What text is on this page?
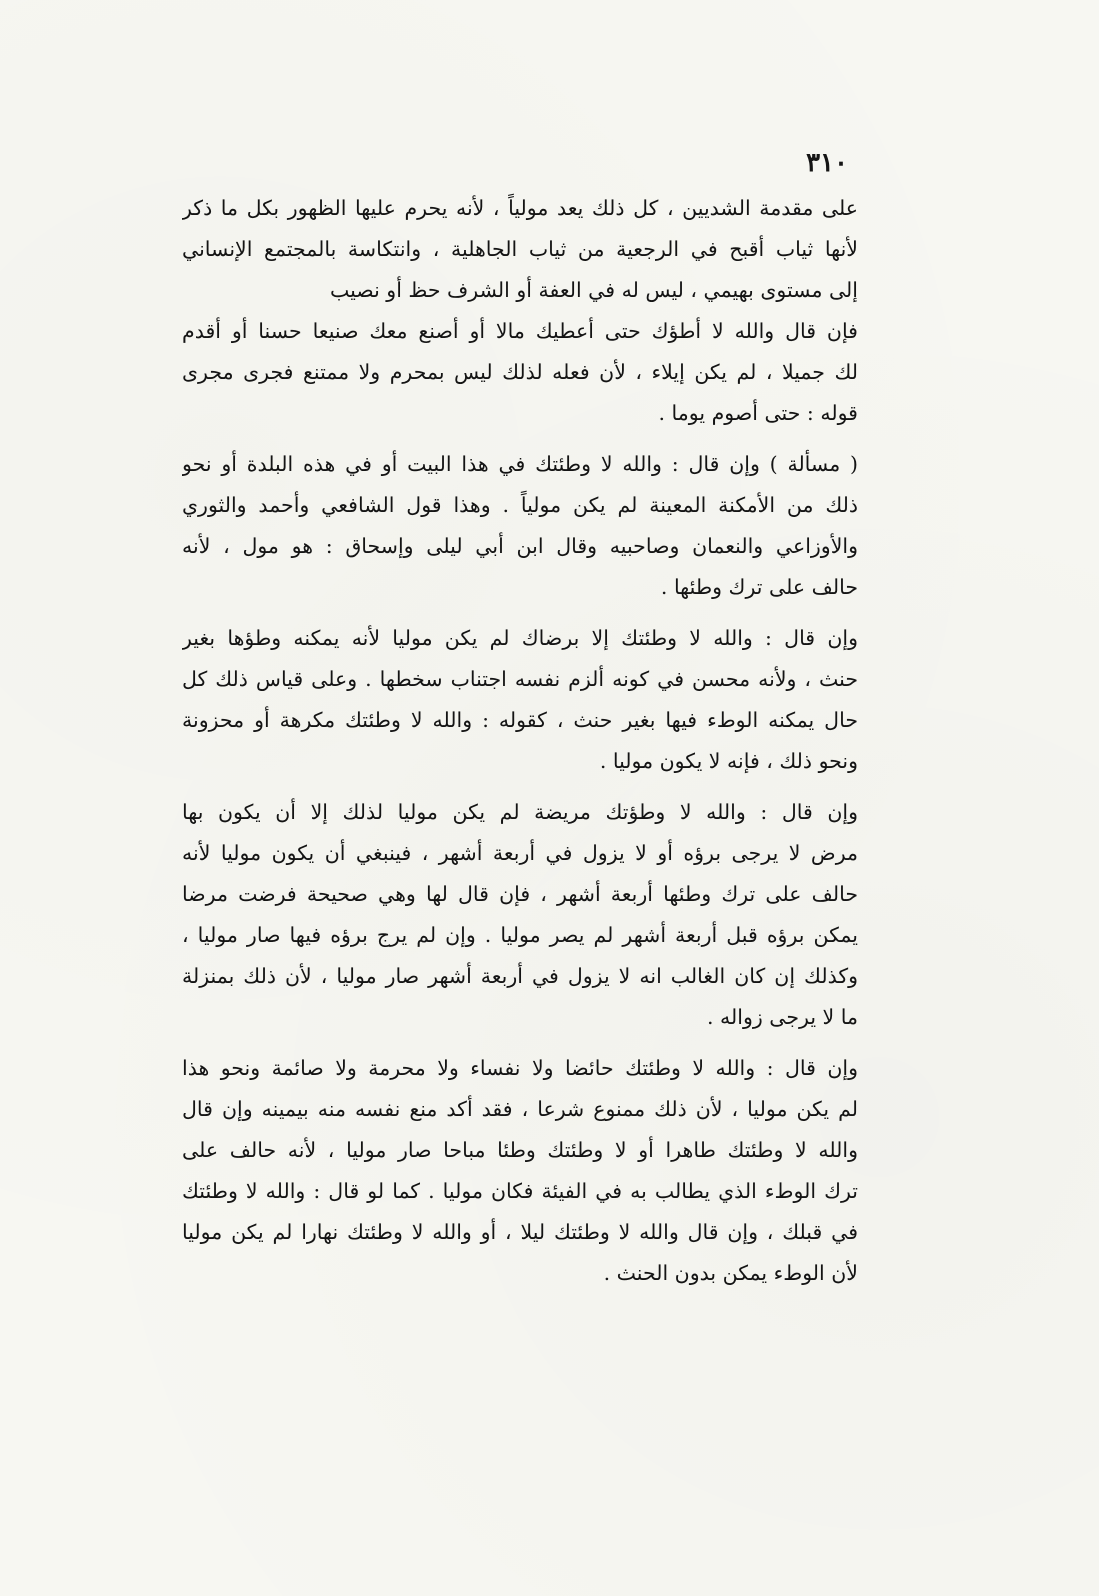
٣١٠
على مقدمة الشديين ، كل ذلك يعد مولياً ، لأنه يحرم عليها الظهور بكل ما ذكر
لأنها ثياب أقبح في الرجعية من ثياب الجاهلية ، وانتكاسة بالمجتمع الإنساني
إلى مستوى بهيمي ، ليس له في العفة أو الشرف حظ أو نصيب
فإن قال والله لا أطؤك حتى أعطيك مالا أو أصنع معك صنيعا حسنا أو أقدم
لك جميلا ، لم يكن إيلاء ، لأن فعله لذلك ليس بمحرم ولا ممتنع فجرى مجرى
قوله : حتى أصوم يوما .
( مسألة ) وإن قال : والله لا وطئتك في هذا البيت أو في هذه البلدة أو نحو
ذلك من الأمكنة المعينة لم يكن مولياً . وهذا قول الشافعي وأحمد والثوري
والأوزاعي والنعمان وصاحبيه وقال ابن أبي ليلى وإسحاق : هو مول ، لأنه
حالف على ترك وطئها .
وإن قال : والله لا وطئتك إلا برضاك لم يكن موليا لأنه يمكنه وطؤها بغير
حنث ، ولأنه محسن في كونه ألزم نفسه اجتناب سخطها . وعلى قياس ذلك كل
حال يمكنه الوطء فيها بغير حنث ، كقوله : والله لا وطئتك مكرهة أو محزونة
ونحو ذلك ، فإنه لا يكون موليا .
وإن قال : والله لا وطؤتك مريضة لم يكن موليا لذلك إلا أن يكون بها
مرض لا يرجى برؤه أو لا يزول في أربعة أشهر ، فينبغي أن يكون موليا لأنه
حالف على ترك وطئها أربعة أشهر ، فإن قال لها وهي صحيحة فرضت مرضا
يمكن برؤه قبل أربعة أشهر لم يصر موليا . وإن لم يرج برؤه فيها صار موليا ،
وكذلك إن كان الغالب انه لا يزول في أربعة أشهر صار موليا ، لأن ذلك بمنزلة
ما لا يرجى زواله .
وإن قال : والله لا وطئتك حائضا ولا نفساء ولا محرمة ولا صائمة ونحو هذا
لم يكن موليا ، لأن ذلك ممنوع شرعا ، فقد أكد منع نفسه منه بيمينه وإن قال
والله لا وطئتك طاهرا أو لا وطئتك وطئا مباحا صار موليا ، لأنه حالف على
ترك الوطء الذي يطالب به في الفيئة فكان موليا . كما لو قال : والله لا وطئتك
في قبلك ، وإن قال والله لا وطئتك ليلا ، أو والله لا وطئتك نهارا لم يكن موليا
لأن الوطء يمكن بدون الحنث .
